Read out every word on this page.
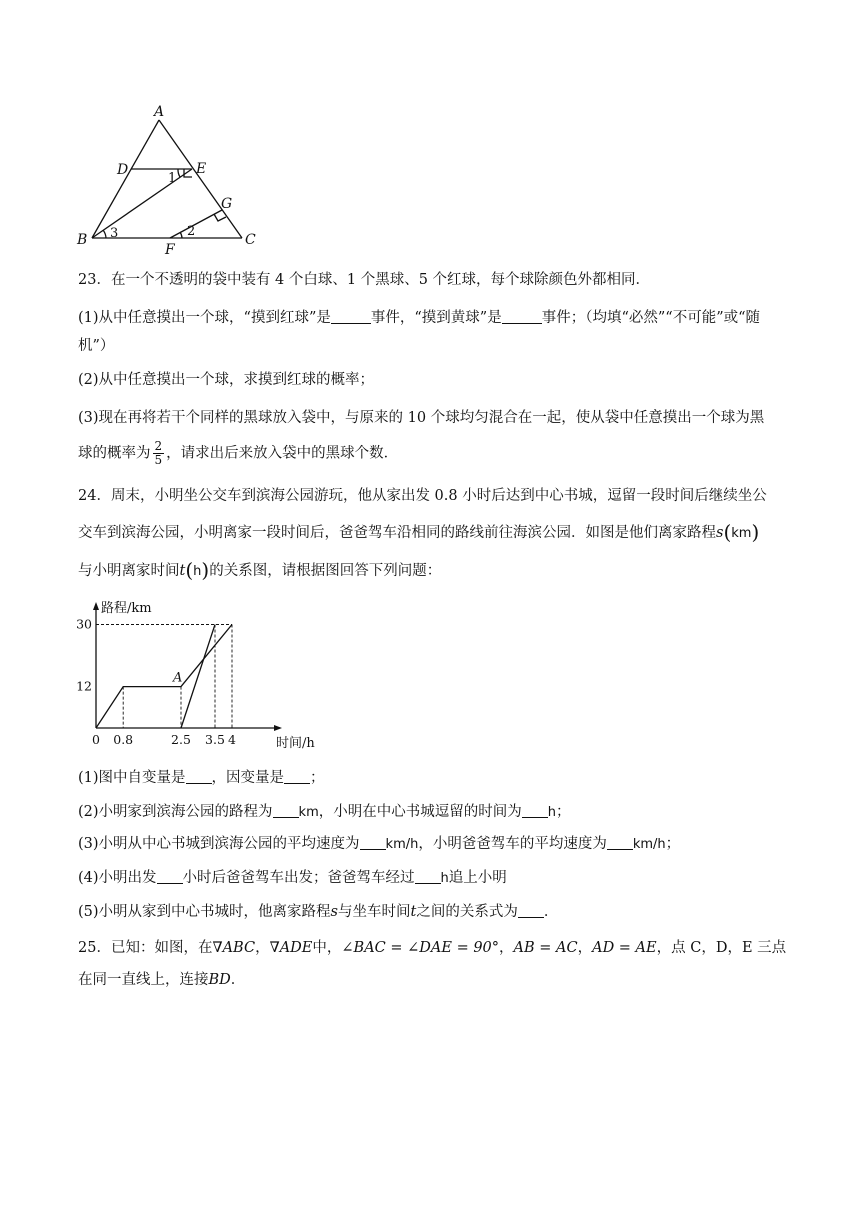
A
D	E
G
B
F
C
1
2
3
23．在一个不透明的袋中装有 4 个白球、1 个黑球、5 个红球，每个球除颜色外都相同．
(1)从中任意摸出一个球，“摸到红球”是	事件，“摸到黄球”是	事件；（均填“必然”“不可能”或“随
机”）
(2)从中任意摸出一个球，求摸到红球的概率；
(3)现在再将若干个同样的黑球放入袋中，与原来的 10 个球均匀混合在一起，使从袋中任意摸出一个球为黑
球的概率为 $\frac{2}{5}$ ，请求出后来放入袋中的黑球个数．
24．周末，小明坐公交车到滨海公园游玩，他从家出发 0.8 小时后达到中心书城，逗留一段时间后继续坐公
交车到滨海公园，小明离家一段时间后，爸爸驾车沿相同的路线前往海滨公园．如图是他们离家路程s(km)
与小明离家时间t(h)的关系图，请根据图回答下列问题：
路程/km
时间/h
0 0.8	2.5 3.5 4
12
30
A
(1)图中自变量是 ，因变量是 ；
(2)小明家到滨海公园的路程为 km，小明在中心书城逗留的时间为 h；
(3)小明从中心书城到滨海公园的平均速度为 km/h，小明爸爸驾车的平均速度为 km/h；
(4)小明出发 小时后爸爸驾车出发；爸爸驾车经过 h追上小明
(5)小明从家到中心书城时，他离家路程s与坐车时间t之间的关系式为 ．
25．已知：如图，在∇ABC，∇ADE中，∠BAC = ∠DAE = 90°，AB = AC，AD = AE，点 C，D，E 三点
在同一直线上，连接BD．
